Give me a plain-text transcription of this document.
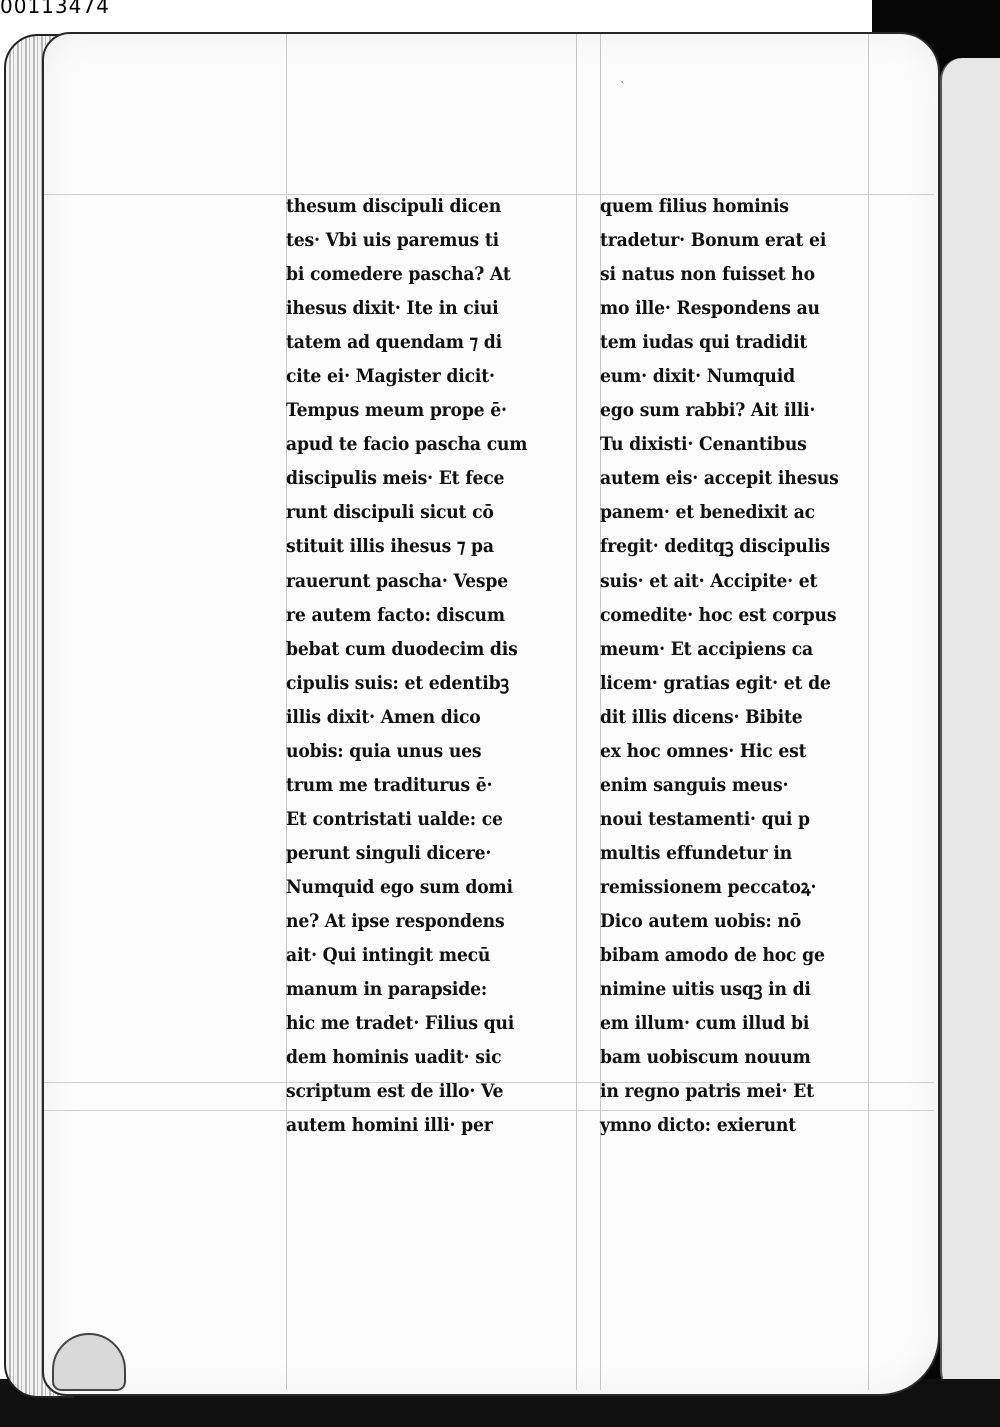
ˋ
thesum discipuli dicen
tes· Vbi uis paremus ti
bi comedere pascha? At
ihesus dixit· Ite in ciui
tatem ad quendam ⁊ di
cite ei· Magister dicit·
Tempus meum prope ē·
apud te facio pascha cum
discipulis meis· Et fece
runt discipuli sicut cō
stituit illis ihesus ⁊ pa
rauerunt pascha· Vespe
re autem facto: discum
bebat cum duodecim dis
cipulis suis: et edentibꝫ
illis dixit· Amen dico
uobis: quia unus ues
trum me traditurus ē·
Et contristati ualde: ce
perunt singuli dicere·
Numquid ego sum domi
ne? At ipse respondens
ait· Qui intingit mecū
manum in parapside:
hic me tradet· Filius qui
dem hominis uadit· sic
scriptum est de illo· Ve
autem homini illi· per
quem filius hominis
tradetur· Bonum erat ei
si natus non fuisset ho
mo ille· Respondens au
tem iudas qui tradidit
eum· dixit· Numquid
ego sum rabbi? Ait illi·
Tu dixisti· Cenantibus
autem eis· accepit ihesus
panem· et benedixit ac
fregit· deditqꝫ discipulis
suis· et ait· Accipite· et
comedite· hoc est corpus
meum· Et accipiens ca
licem· gratias egit· et de
dit illis dicens· Bibite
ex hoc omnes· Hic est
enim sanguis meus·
noui testamenti· qui p
multis effundetur in
remissionem peccatoꝝ·
Dico autem uobis: nō
bibam amodo de hoc ge
nimine uitis usqꝫ in di
em illum· cum illud bi
bam uobiscum nouum
in regno patris mei· Et
ymno dicto: exierunt
00113474
